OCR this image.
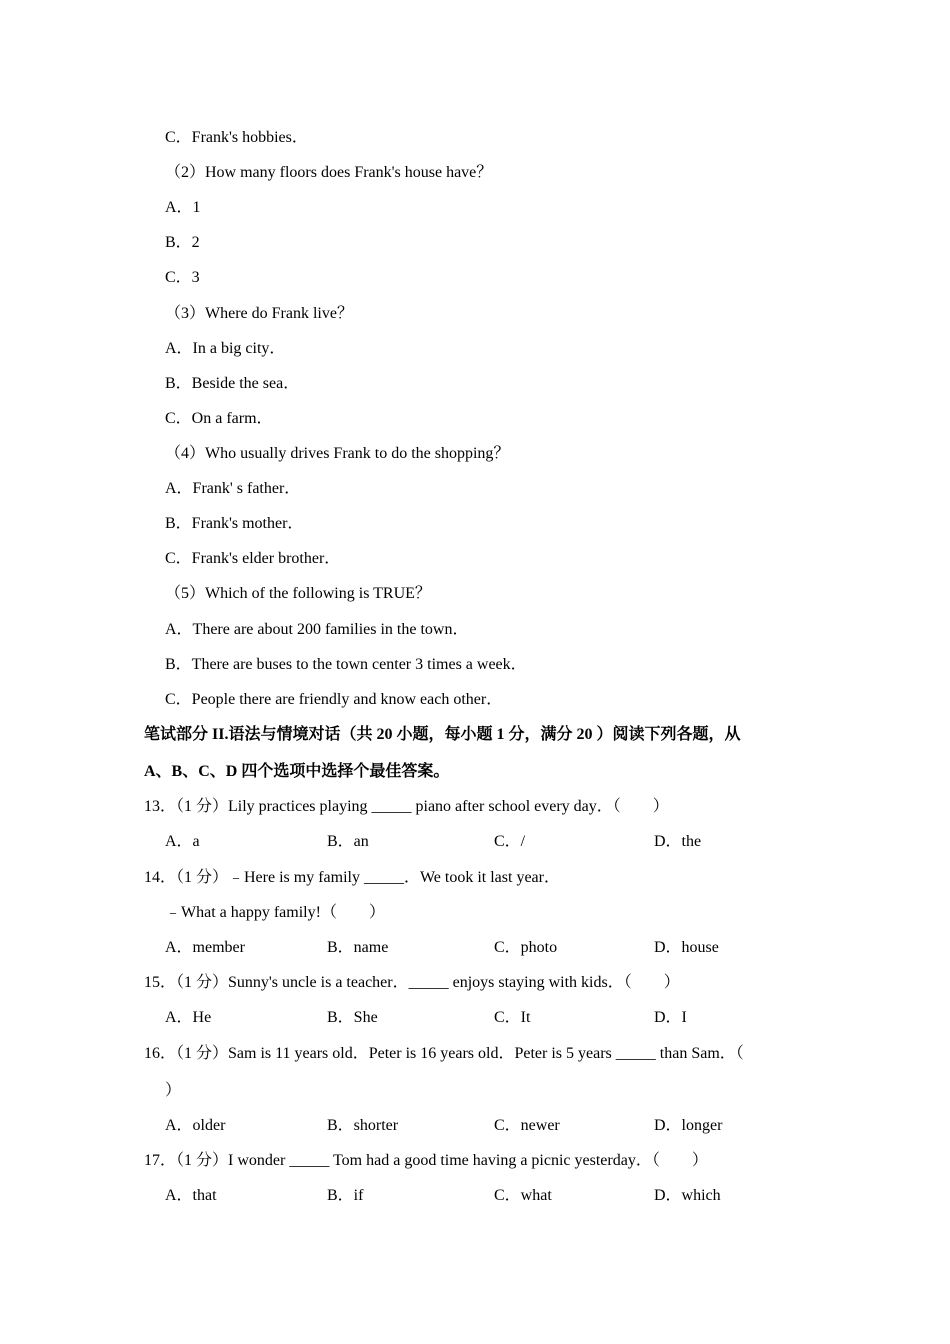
C．Frank's hobbies．
（2）How many floors does Frank's house have？
A．1
B．2
C．3
（3）Where do Frank live？
A．In a big city．
B．Beside the sea．
C．On a farm．
（4）Who usually drives Frank to do the shopping？
A．Frank' s father．
B．Frank's mother．
C．Frank's elder brother．
（5）Which of the following is TRUE？
A．There are about 200 families in the town．
B．There are buses to the town center 3 times a week．
C．People there are friendly and know each other．
笔试部分 II.语法与情境对话（共 20 小题，每小题 1 分，满分 20 ）阅读下列各题，从
A、B、C、D 四个选项中选择个最佳答案。
13．（1 分）Lily practices playing _____ piano after school every day．（　　）
A．a	B．an	C．/	D．the
14．（1 分）﹣Here is my family _____．We took it last year．
﹣What a happy family!（　　）
A．member	B．name	C．photo	D．house
15．（1 分）Sunny's uncle is a teacher．_____ enjoys staying with kids．（　　）
A．He	B．She	C．It	D．I
16．（1 分）Sam is 11 years old．Peter is 16 years old．Peter is 5 years _____ than Sam．（
）
A．older	B．shorter	C．newer	D．longer
17．（1 分）I wonder _____ Tom had a good time having a picnic yesterday．（　　）
A．that	B．if	C．what	D．which
